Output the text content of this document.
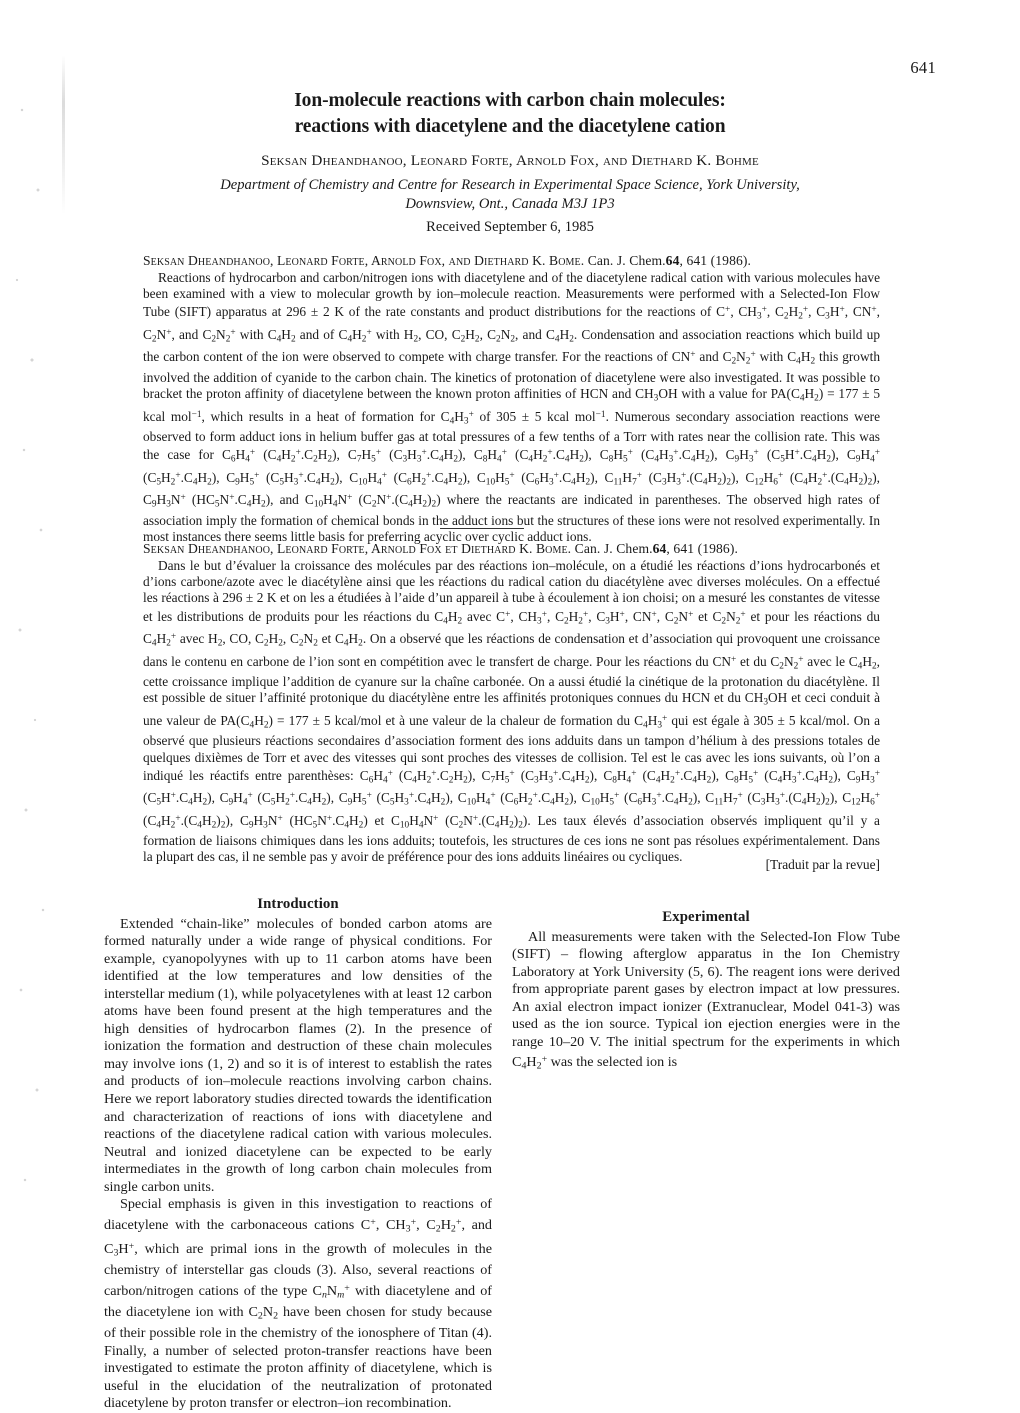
641
Ion-molecule reactions with carbon chain molecules:
reactions with diacetylene and the diacetylene cation
Seksan Dheandhanoo, Leonard Forte, Arnold Fox, and Diethard K. Bohme
Department of Chemistry and Centre for Research in Experimental Space Science, York University,
Downsview, Ont., Canada M3J 1P3
Received September 6, 1985
Seksan Dheandhanoo, Leonard Forte, Arnold Fox, and Diethard K. Bome. Can. J. Chem.64, 641 (1986).
Reactions of hydrocarbon and carbon/nitrogen ions with diacetylene and of the diacetylene radical cation with various molecules have been examined with a view to molecular growth by ion–molecule reaction. Measurements were performed with a Selected-Ion Flow Tube (SIFT) apparatus at 296 ± 2 K of the rate constants and product distributions for the reactions of C+, $CH_3^+$, $C_2H_2^+$, $C_3H^+$, CN+, $C_2N^+$, and $C_2N_2^+$ with $C_4H_2$ and of $C_4H_2^+$ with $H_2$, CO, $C_2H_2$, $C_2N_2$, and $C_4H_2$. Condensation and association reactions which build up the carbon content of the ion were observed to compete with charge transfer. For the reactions of CN+ and $C_2N_2^+$ with $C_4H_2$ this growth involved the addition of cyanide to the carbon chain. The kinetics of protonation of diacetylene were also investigated. It was possible to bracket the proton affinity of diacetylene between the known proton affinities of HCN and $CH_3OH$ with a value for $PA(C_4H_2) = 177 \pm 5$ kcal mol$^{-1}$, which results in a heat of formation for $C_4H_3^+$ of 305 ± 5 kcal mol$^{-1}$. Numerous secondary association reactions were observed to form adduct ions in helium buffer gas at total pressures of a few tenths of a Torr with rates near the collision rate. This was the case for $C_6H_4^+$ $(C_4H_2^+.C_2H_2)$, $C_7H_5^+$ $(C_3H_3^+.C_4H_2)$, $C_8H_4^+$ $(C_4H_2^+.C_4H_2)$, $C_8H_5^+$ $(C_4H_3^+.C_4H_2)$, $C_9H_3^+$ $(C_5H^+.C_4H_2)$, $C_9H_4^+$ $(C_5H_2^+.C_4H_2)$, $C_9H_5^+$ $(C_5H_3^+.C_4H_2)$, $C_{10}H_4^+$ $(C_6H_2^+.C_4H_2)$, $C_{10}H_5^+$ $(C_6H_3^+.C_4H_2)$, $C_{11}H_7^+$ $(C_3H_3^+.(C_4H_2)_2)$, $C_{12}H_6^+$ $(C_4H_2^+.(C_4H_2)_2)$, $C_9H_3N^+$ $(HC_5N^+.C_4H_2)$, and $C_{10}H_4N^+$ $(C_2N^+.(C_4H_2)_2)$ where the reactants are indicated in parentheses. The observed high rates of association imply the formation of chemical bonds in the adduct ions but the structures of these ions were not resolved experimentally. In most instances there seems little basis for preferring acyclic over cyclic adduct ions.
Seksan Dheandhanoo, Leonard Forte, Arnold Fox et Diethard K. Bome. Can. J. Chem.64, 641 (1986).
Dans le but d’évaluer la croissance des molécules par des réactions ion–molécule, on a étudié les réactions d’ions hydrocarbonés et d’ions carbone/azote avec le diacétylène ainsi que les réactions du radical cation du diacétylène avec diverses molécules. On a effectué les réactions à 296 ± 2 K et on les a étudiées à l’aide d’un appareil à tube à écoulement à ion choisi; on a mesuré les constantes de vitesse et les distributions de produits pour les réactions du $C_4H_2$ avec C+, $CH_3^+$, $C_2H_2^+$, $C_3H^+$, CN+, $C_2N^+$ et $C_2N_2^+$ et pour les réactions du $C_4H_2^+$ avec $H_2$, CO, $C_2H_2$, $C_2N_2$ et $C_4H_2$. On a observé que les réactions de condensation et d’association qui provoquent une croissance dans le contenu en carbone de l’ion sont en compétition avec le transfert de charge. Pour les réactions du CN+ et du $C_2N_2^+$ avec le $C_4H_2$, cette croissance implique l’addition de cyanure sur la chaîne carbonée. On a aussi étudié la cinétique de la protonation du diacétylène. Il est possible de situer l’affinité protonique du diacétylène entre les affinités protoniques connues du HCN et du $CH_3OH$ et ceci conduit à une valeur de $PA(C_4H_2) = 177 \pm 5$ kcal/mol et à une valeur de la chaleur de formation du $C_4H_3^+$ qui est égale à 305 ± 5 kcal/mol. On a observé que plusieurs réactions secondaires d’association forment des ions adduits dans un tampon d’hélium à des pressions totales de quelques dixièmes de Torr et avec des vitesses qui sont proches des vitesses de collision. Tel est le cas avec les ions suivants, où l’on a indiqué les réactifs entre parenthèses: $C_6H_4^+$ $(C_4H_2^+.C_2H_2)$, $C_7H_5^+$ $(C_3H_3^+.C_4H_2)$, $C_8H_4^+$ $(C_4H_2^+.C_4H_2)$, $C_8H_5^+$ $(C_4H_3^+.C_4H_2)$, $C_9H_3^+$ $(C_5H^+.C_4H_2)$, $C_9H_4^+$ $(C_5H_2^+.C_4H_2)$, $C_9H_5^+$ $(C_5H_3^+.C_4H_2)$, $C_{10}H_4^+$ $(C_6H_2^+.C_4H_2)$, $C_{10}H_5^+$ $(C_6H_3^+.C_4H_2)$, $C_{11}H_7^+$ $(C_3H_3^+.(C_4H_2)_2)$, $C_{12}H_6^+$ $(C_4H_2^+.(C_4H_2)_2)$, $C_9H_3N^+$ $(HC_5N^+.C_4H_2)$ et $C_{10}H_4N^+$ $(C_2N^+.(C_4H_2)_2)$. Les taux élevés d’association observés impliquent qu’il y a formation de liaisons chimiques dans les ions adduits; toutefois, les structures de ces ions ne sont pas résolues expérimentalement. Dans la plupart des cas, il ne semble pas y avoir de préférence pour des ions adduits linéaires ou cycliques.
[Traduit par la revue]
Introduction

Extended “chain-like” molecules of bonded carbon atoms are formed naturally under a wide range of physical conditions. For example, cyanopolyynes with up to 11 carbon atoms have been identified at the low temperatures and low densities of the interstellar medium (1), while polyacetylenes with at least 12 carbon atoms have been found present at the high temperatures and the high densities of hydrocarbon flames (2). In the presence of ionization the formation and destruction of these chain molecules may involve ions (1, 2) and so it is of interest to establish the rates and products of ion–molecule reactions involving carbon chains. Here we report laboratory studies directed towards the identification and characterization of reactions of ions with diacetylene and reactions of the diacetylene radical cation with various molecules. Neutral and ionized diacetylene can be expected to be early intermediates in the growth of long carbon chain molecules from single carbon units.

Special emphasis is given in this investigation to reactions of diacetylene with the carbonaceous cations C+, $CH_3^+$, $C_2H_2^+$, and $C_3H^+$, which are primal ions in the growth of molecules in the chemistry of interstellar gas clouds (3). Also, several reactions of carbon/nitrogen cations of the type $C_nN_m^+$ with diacetylene and of the diacetylene ion with $C_2N_2$ have been chosen for study because of their possible role in the chemistry of the ionosphere of Titan (4). Finally, a number of selected proton-transfer reactions have been investigated to estimate the proton affinity of diacetylene, which is useful in the elucidation of the neutralization of protonated diacetylene by proton transfer or electron–ion recombination.

Experimental

All measurements were taken with the Selected-Ion Flow Tube (SIFT) – flowing afterglow apparatus in the Ion Chemistry Laboratory at York University (5, 6). The reagent ions were derived from appropriate parent gases by electron impact at low pressures. An axial electron impact ionizer (Extranuclear, Model 041-3) was used as the ion source. Typical ion ejection energies were in the range 10–20 V. The initial spectrum for the experiments in which $C_4H_2^+$ was the selected ion is
